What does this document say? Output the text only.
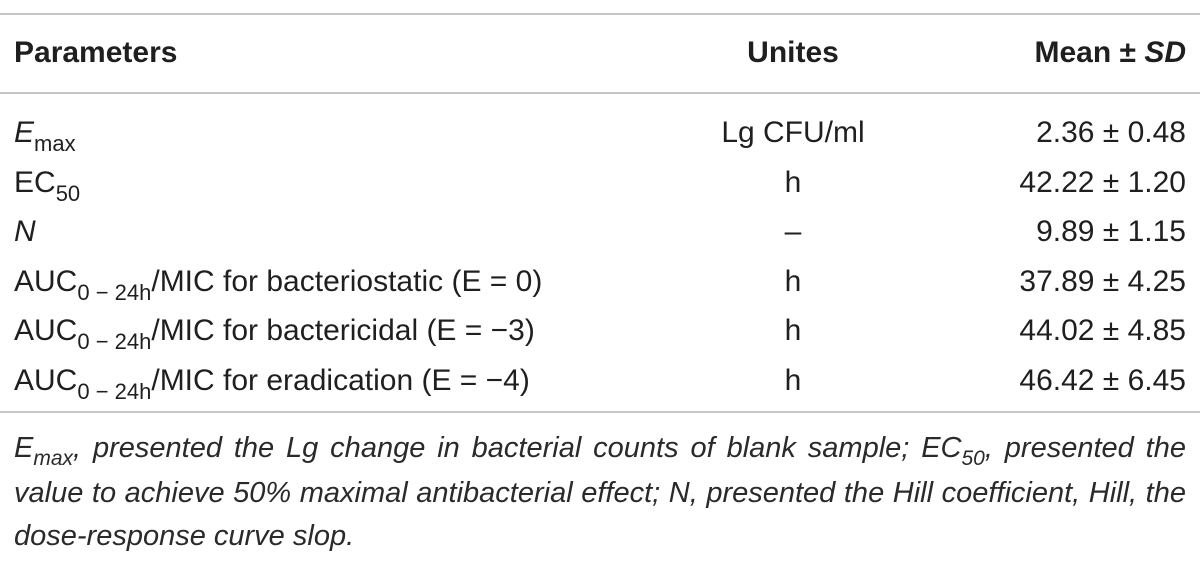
Parameters	Unites	Mean ± SD
$E_{max}$	Lg CFU/ml	2.36 ± 0.48
$EC_{50}$	h	42.22 ± 1.20
N	–	9.89 ± 1.15
$AUC_{0 - 24h}$/MIC for bacteriostatic (E = 0)	h	37.89 ± 4.25
$AUC_{0 - 24h}$/MIC for bactericidal (E = −3)	h	44.02 ± 4.85
$AUC_{0 - 24h}$/MIC for eradication (E = −4)	h	46.42 ± 6.45
$E_{max}$, presented the Lg change in bacterial counts of blank sample; $EC_{50}$, presented the value to achieve 50% maximal antibacterial effect; N, presented the Hill coefficient, Hill, the dose-response curve slop.
